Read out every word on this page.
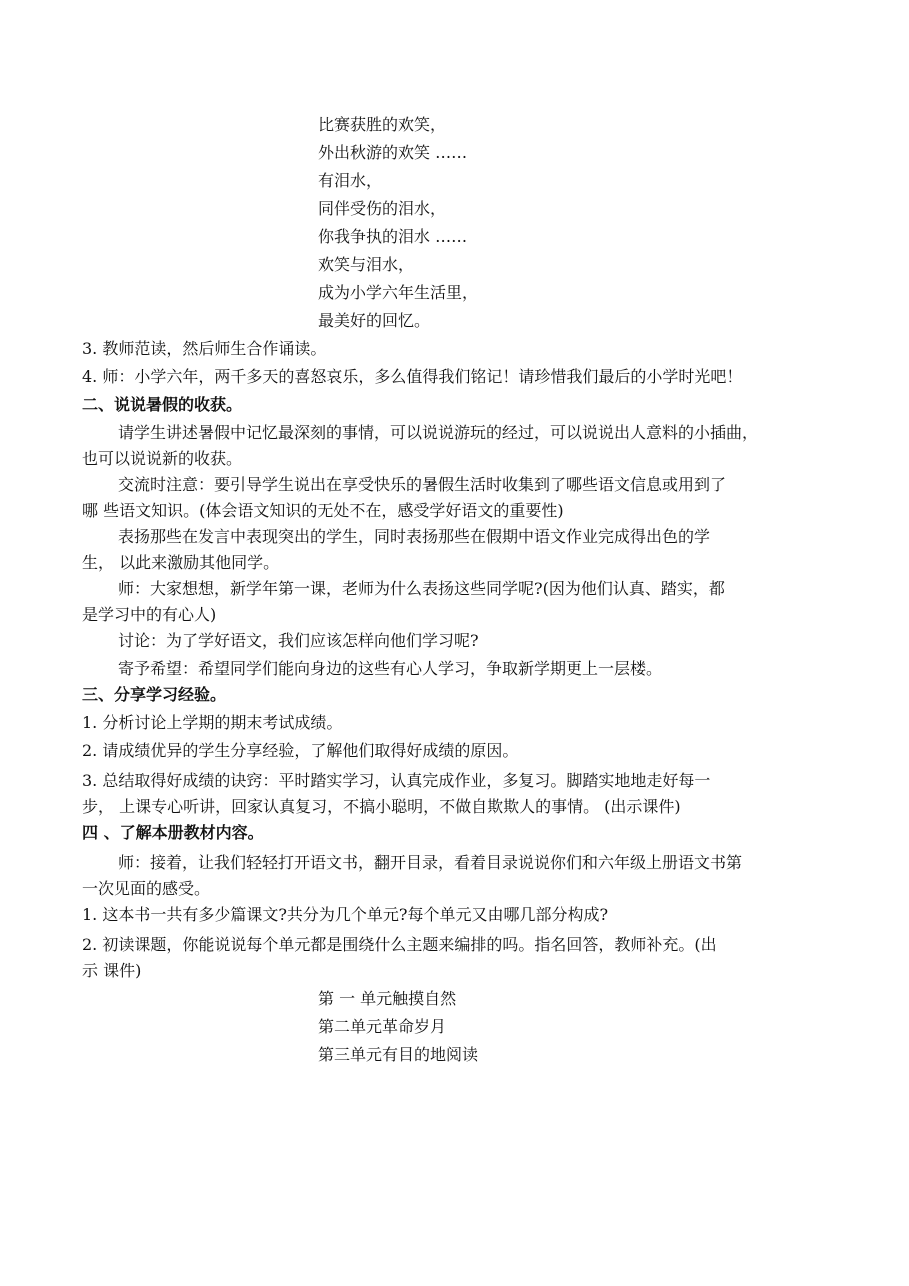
比赛获胜的欢笑，
外出秋游的欢笑 ……
有泪水，
同伴受伤的泪水，
你我争执的泪水 ……
欢笑与泪水，
成为小学六年生活里，
最美好的回忆。
3. 教师范读，然后师生合作诵读。
4. 师：小学六年，两千多天的喜怒哀乐，多么值得我们铭记！请珍惜我们最后的小学时光吧！
二、说说暑假的收获。
请学生讲述暑假中记忆最深刻的事情，可以说说游玩的经过，可以说说出人意料的小插曲，
也可以说说新的收获。
交流时注意：要引导学生说出在享受快乐的暑假生活时收集到了哪些语文信息或用到了
哪 些语文知识。(体会语文知识的无处不在，感受学好语文的重要性)
表扬那些在发言中表现突出的学生，同时表扬那些在假期中语文作业完成得出色的学
生， 以此来激励其他同学。
师：大家想想，新学年第一课，老师为什么表扬这些同学呢?(因为他们认真、踏实，都
是学习中的有心人)
讨论：为了学好语文，我们应该怎样向他们学习呢?
寄予希望：希望同学们能向身边的这些有心人学习，争取新学期更上一层楼。
三、分享学习经验。
1. 分析讨论上学期的期末考试成绩。
2. 请成绩优异的学生分享经验，了解他们取得好成绩的原因。
3. 总结取得好成绩的诀窍：平时踏实学习，认真完成作业，多复习。脚踏实地地走好每一
步， 上课专心听讲，回家认真复习，不搞小聪明，不做自欺欺人的事情。 (出示课件)
四 、了解本册教材内容。
师：接着，让我们轻轻打开语文书，翻开目录，看着目录说说你们和六年级上册语文书第
一次见面的感受。
1. 这本书一共有多少篇课文?共分为几个单元?每个单元又由哪几部分构成?
2. 初读课题，你能说说每个单元都是围绕什么主题来编排的吗。指名回答，教师补充。(出
示 课件)
第 一 单元触摸自然
第二单元革命岁月
第三单元有目的地阅读
